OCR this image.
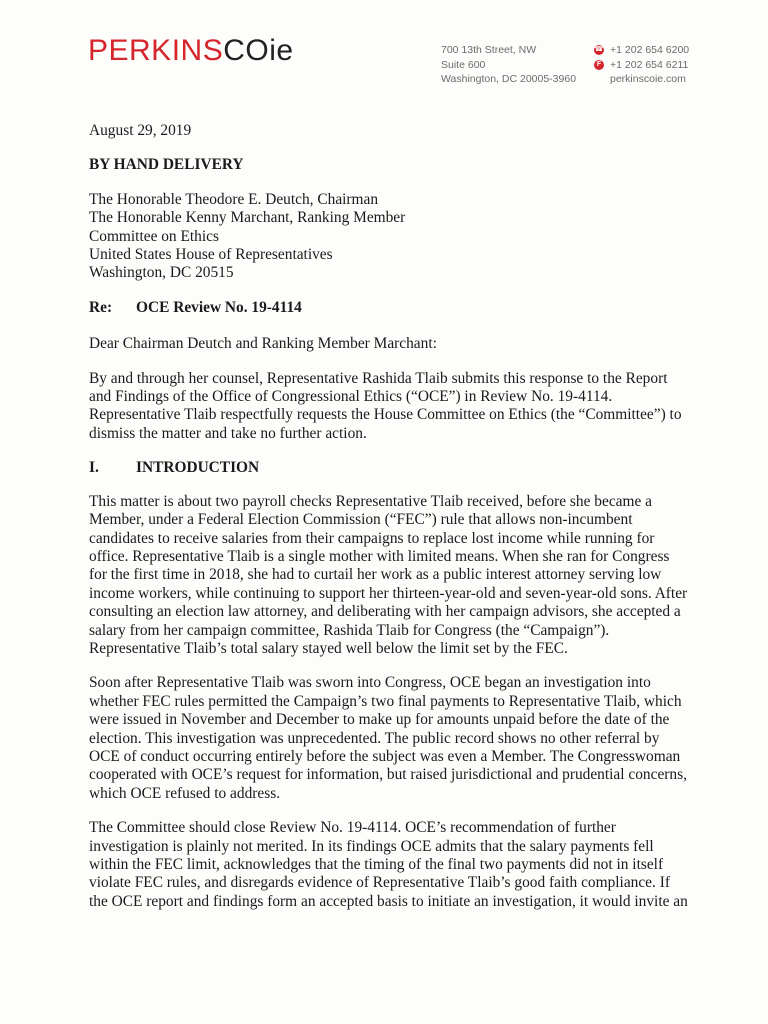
PERKINSCOie	700 13th Street, NW
Suite 600
Washington, DC 20005-3960
☎ +1 202 654 6200
F +1 202 654 6211
perkinscoie.com

August 29, 2019

BY HAND DELIVERY

The Honorable Theodore E. Deutch, Chairman

The Honorable Kenny Marchant, Ranking Member

Committee on Ethics

United States House of Representatives

Washington, DC 20515

Re:	OCE Review No. 19-4114

Dear Chairman Deutch and Ranking Member Marchant:

By and through her counsel, Representative Rashida Tlaib submits this response to the Report and Findings of the Office of Congressional Ethics (“OCE”) in Review No. 19-4114. Representative Tlaib respectfully requests the House Committee on Ethics (the “Committee”) to dismiss the matter and take no further action.

I.	INTRODUCTION

This matter is about two payroll checks Representative Tlaib received, before she became a Member, under a Federal Election Commission (“FEC”) rule that allows non-incumbent candidates to receive salaries from their campaigns to replace lost income while running for office. Representative Tlaib is a single mother with limited means. When she ran for Congress for the first time in 2018, she had to curtail her work as a public interest attorney serving low income workers, while continuing to support her thirteen-year-old and seven-year-old sons. After consulting an election law attorney, and deliberating with her campaign advisors, she accepted a salary from her campaign committee, Rashida Tlaib for Congress (the “Campaign”). Representative Tlaib’s total salary stayed well below the limit set by the FEC.

Soon after Representative Tlaib was sworn into Congress, OCE began an investigation into whether FEC rules permitted the Campaign’s two final payments to Representative Tlaib, which were issued in November and December to make up for amounts unpaid before the date of the election. This investigation was unprecedented. The public record shows no other referral by OCE of conduct occurring entirely before the subject was even a Member. The Congresswoman cooperated with OCE’s request for information, but raised jurisdictional and prudential concerns, which OCE refused to address.

The Committee should close Review No. 19-4114. OCE’s recommendation of further investigation is plainly not merited. In its findings OCE admits that the salary payments fell within the FEC limit, acknowledges that the timing of the final two payments did not in itself violate FEC rules, and disregards evidence of Representative Tlaib’s good faith compliance. If the OCE report and findings form an accepted basis to initiate an investigation, it would invite an
